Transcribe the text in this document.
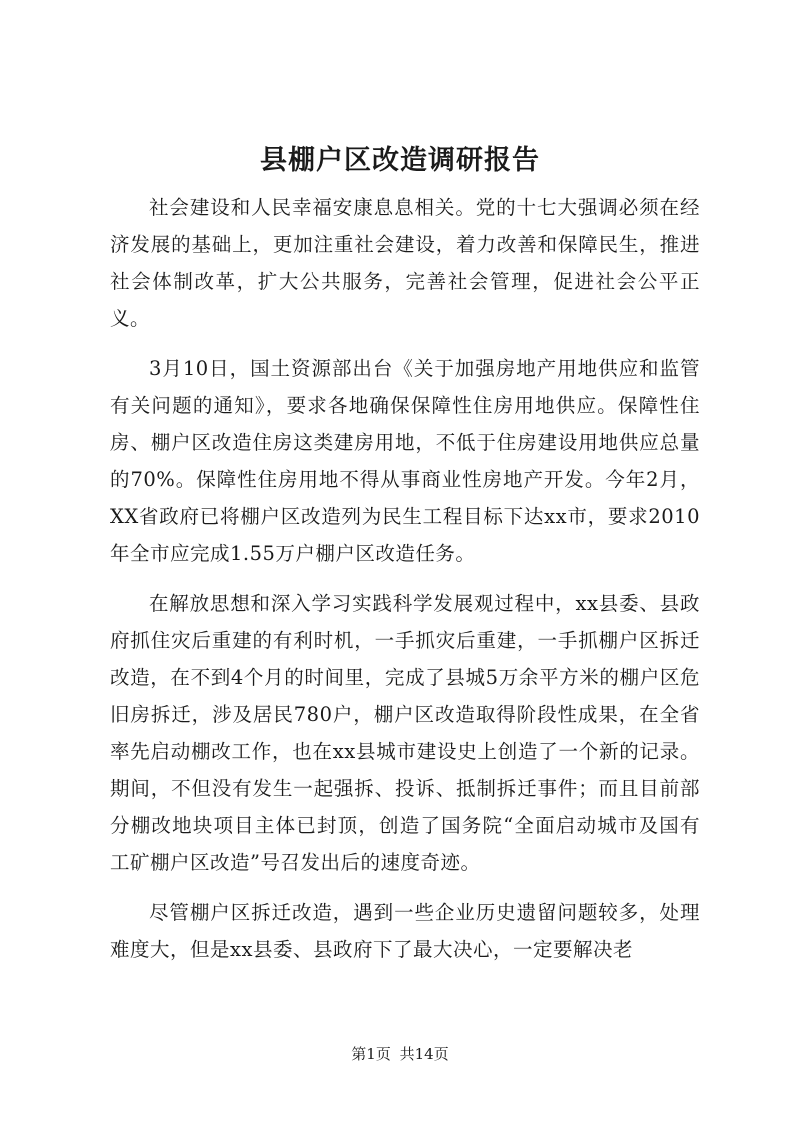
县棚户区改造调研报告

社会建设和人民幸福安康息息相关。党的十七大强调必须在经济发展的基础上，更加注重社会建设，着力改善和保障民生，推进社会体制改革，扩大公共服务，完善社会管理，促进社会公平正义。

3月10日，国土资源部出台《关于加强房地产用地供应和监管有关问题的通知》，要求各地确保保障性住房用地供应。保障性住房、棚户区改造住房这类建房用地，不低于住房建设用地供应总量的70%。保障性住房用地不得从事商业性房地产开发。今年2月，XX省政府已将棚户区改造列为民生工程目标下达xx市，要求2010年全市应完成1.55万户棚户区改造任务。

在解放思想和深入学习实践科学发展观过程中，xx县委、县政府抓住灾后重建的有利时机，一手抓灾后重建，一手抓棚户区拆迁改造，在不到4个月的时间里，完成了县城5万余平方米的棚户区危旧房拆迁，涉及居民780户，棚户区改造取得阶段性成果，在全省率先启动棚改工作，也在xx县城市建设史上创造了一个新的记录。期间，不但没有发生一起强拆、投诉、抵制拆迁事件；而且目前部分棚改地块项目主体已封顶，创造了国务院“全面启动城市及国有工矿棚户区改造”号召发出后的速度奇迹。

尽管棚户区拆迁改造，遇到一些企业历史遗留问题较多，处理难度大，但是xx县委、县政府下了最大决心，一定要解决老

第1页 共14页
